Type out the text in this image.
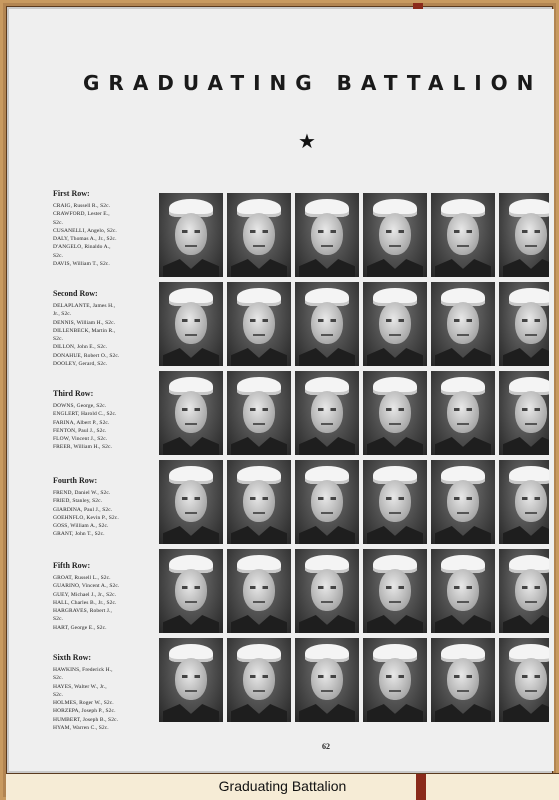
GRADUATING BATTALION
★
First Row:
CRAIG, Russell R., S2c.
CRAWFORD, Lester E.,
S2c.
CUSANELLI, Angelo, S2c.
DALY, Thomas A., Jr., S2c.
D'ANGELO, Rinaldo A.,
S2c.
DAVIS, William T., S2c.
Second Row:
DELAPLANTE, James H.,
Jr., S2c.
DENNIS, William H., S2c.
DILLENBECK, Martin R.,
S2c.
DILLON, John E., S2c.
DONAHUE, Robert O., S2c.
DOOLEY, Gerard, S2c.
Third Row:
DOWNS, George, S2c.
ENGLERT, Harold C., S2c.
FARINA, Albert P., S2c.
FENTON, Paul J., S2c.
FLOW, Vincent J., S2c.
FREER, William H., S2c.
Fourth Row:
FREND, Daniel W., S2c.
FRIED, Stanley, S2c.
GIARDINA, Paul J., S2c.
GOEHNFLO, Kevin P., S2c.
GOSS, William A., S2c.
GRANT, John T., S2c.
Fifth Row:
GROAT, Russell L., S2c.
GUARINO, Vincent A., S2c.
GUEY, Michael J., Jr., S2c.
HALL, Charles B., Jr., S2c.
HARGRAVES, Robert J.,
S2c.
HART, George E., S2c.
Sixth Row:
HAWKINS, Frederick H.,
S2c.
HAYES, Walter W., Jr.,
S2c.
HOLMES, Roger W., S2c.
HORZEPA, Joseph P., S2c.
HUMBERT, Joseph B., S2c.
HYAM, Warren C., S2c.
62
Graduating Battalion
